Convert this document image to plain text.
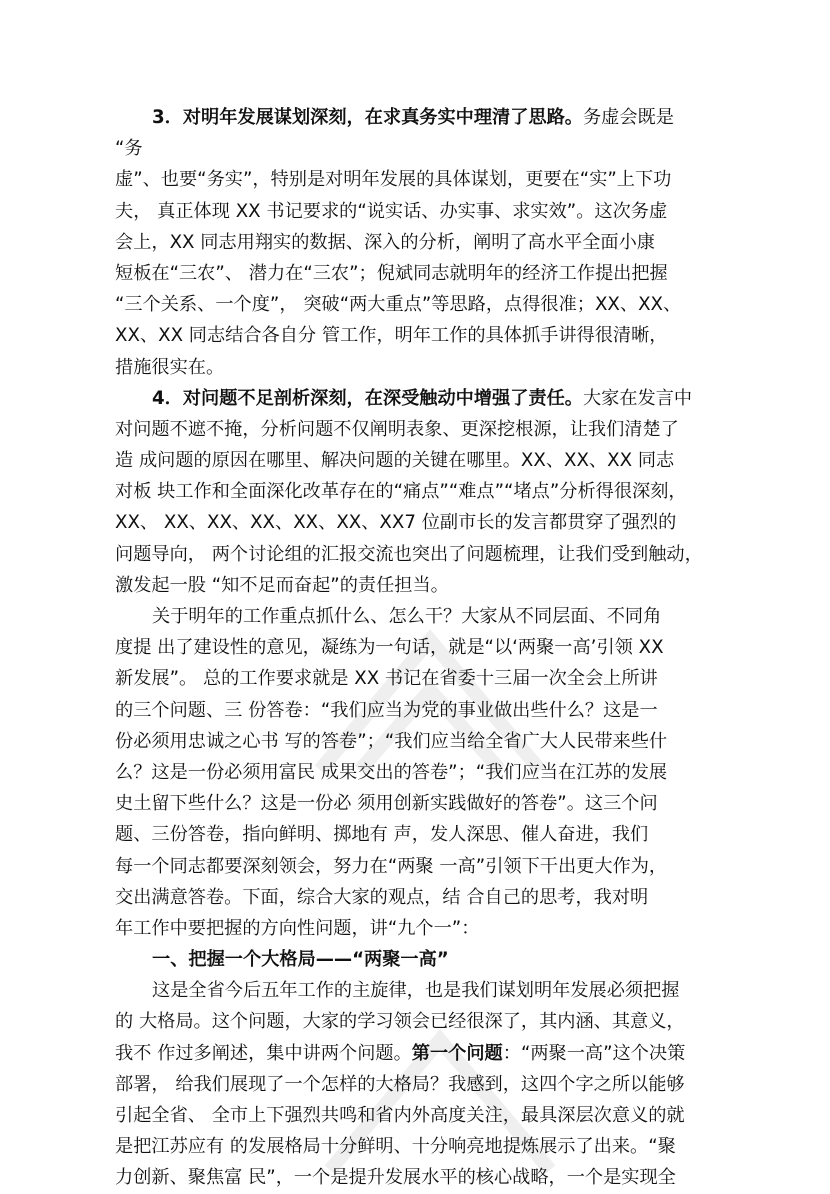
3．对明年发展谋划深刻，在求真务实中理清了思路。务虚会既是
“务
虚”、也要“务实”，特别是对明年发展的具体谋划，更要在“实”上下功
夫， 真正体现 XX 书记要求的“说实话、办实事、求实效”。这次务虚
会上，XX 同志用翔实的数据、深入的分析，阐明了高水平全面小康
短板在“三农”、 潜力在“三农”；倪斌同志就明年的经济工作提出把握
“三个关系、一个度”， 突破“两大重点”等思路，点得很准；XX、XX、
XX、XX 同志结合各自分 管工作，明年工作的具体抓手讲得很清晰，
措施很实在。
4．对问题不足剖析深刻，在深受触动中增强了责任。大家在发言中
对问题不遮不掩，分析问题不仅阐明表象、更深挖根源，让我们清楚了
造 成问题的原因在哪里、解决问题的关键在哪里。XX、XX、XX 同志
对板 块工作和全面深化改革存在的“痛点”“难点”“堵点”分析得很深刻，
XX、 XX、XX、XX、XX、XX、XX7 位副市长的发言都贯穿了强烈的
问题导向， 两个讨论组的汇报交流也突出了问题梳理，让我们受到触动，
激发起一股 “知不足而奋起”的责任担当。
关于明年的工作重点抓什么、怎么干？大家从不同层面、不同角
度提 出了建设性的意见，凝练为一句话，就是“以‘两聚一高’引领 XX
新发展”。 总的工作要求就是 XX 书记在省委十三届一次全会上所讲
的三个问题、三 份答卷：“我们应当为党的事业做出些什么？这是一
份必须用忠诚之心书 写的答卷”；“我们应当给全省广大人民带来些什
么？这是一份必须用富民 成果交出的答卷”；“我们应当在江苏的发展
史土留下些什么？这是一份必 须用创新实践做好的答卷”。这三个问
题、三份答卷，指向鲜明、掷地有 声，发人深思、催人奋进，我们
每一个同志都要深刻领会，努力在“两聚 一高”引领下干出更大作为，
交出满意答卷。下面，综合大家的观点，结 合自己的思考，我对明
年工作中要把握的方向性问题，讲“九个一”：
一、把握一个大格局——“两聚一高”
这是全省今后五年工作的主旋律，也是我们谋划明年发展必须把握
的 大格局。这个问题，大家的学习领会已经很深了，其内涵、其意义，
我不 作过多阐述，集中讲两个问题。第一个问题：“两聚一高”这个决策
部署， 给我们展现了一个怎样的大格局？我感到，这四个字之所以能够
引起全省、 全市上下强烈共鸣和省内外高度关注，最具深层次意义的就
是把江苏应有 的发展格局十分鲜明、十分响亮地提炼展示了出来。“聚
力创新、聚焦富 民”，一个是提升发展水平的核心战略，一个是实现全
